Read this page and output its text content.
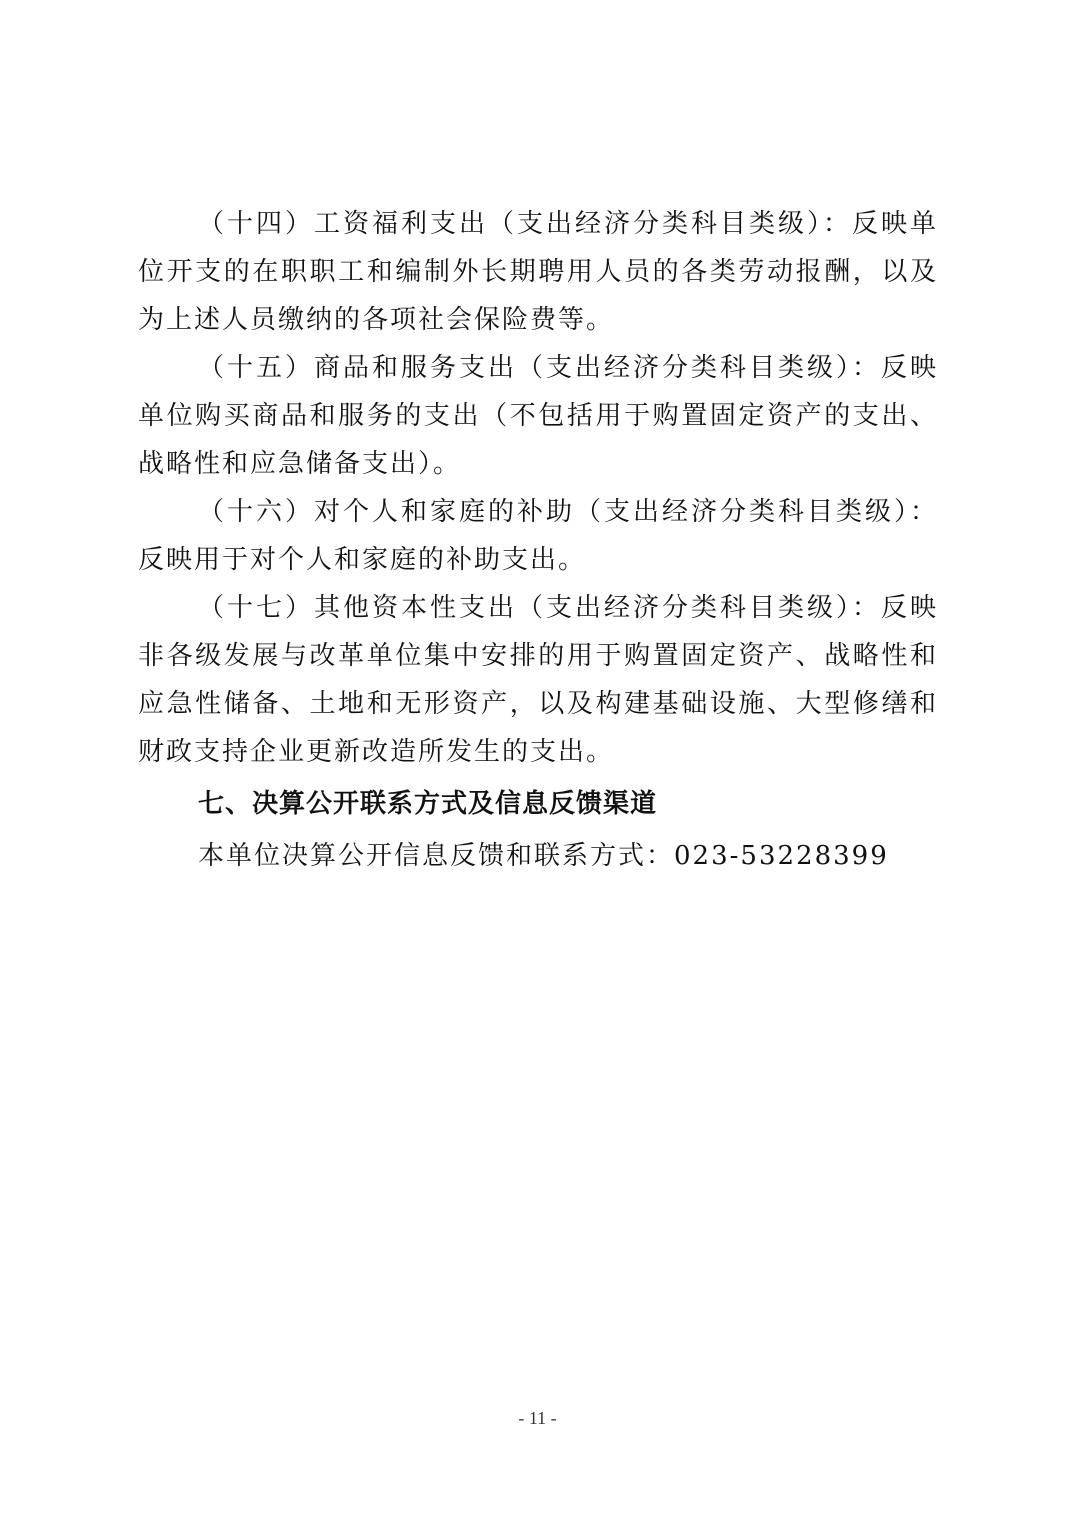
（十四）工资福利支出（支出经济分类科目类级）：反映单位开支的在职职工和编制外长期聘用人员的各类劳动报酬，以及为上述人员缴纳的各项社会保险费等。

（十五）商品和服务支出（支出经济分类科目类级）：反映单位购买商品和服务的支出（不包括用于购置固定资产的支出、战略性和应急储备支出）。

（十六）对个人和家庭的补助（支出经济分类科目类级）：反映用于对个人和家庭的补助支出。

（十七）其他资本性支出（支出经济分类科目类级）：反映非各级发展与改革单位集中安排的用于购置固定资产、战略性和应急性储备、土地和无形资产，以及构建基础设施、大型修缮和财政支持企业更新改造所发生的支出。

七、决算公开联系方式及信息反馈渠道

本单位决算公开信息反馈和联系方式：023-53228399

- 11 -
